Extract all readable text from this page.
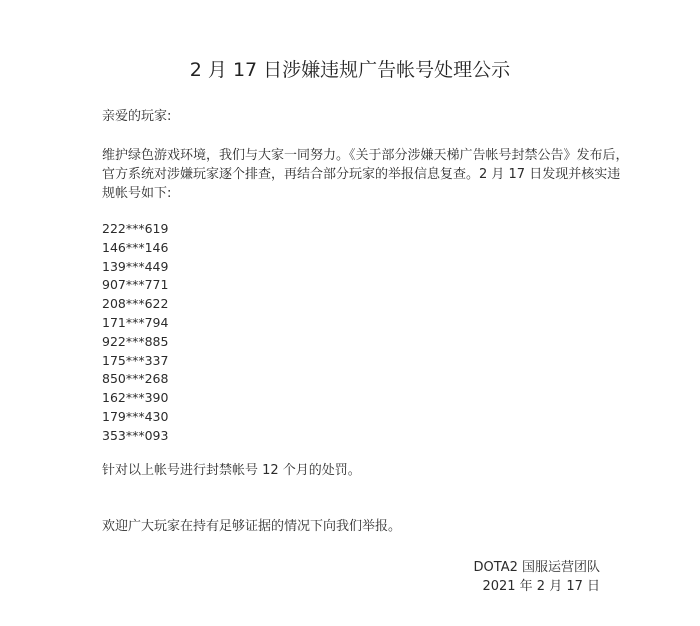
2 月 17 日涉嫌违规广告帐号处理公示
亲爱的玩家:
维护绿色游戏环境，我们与大家一同努力。《关于部分涉嫌天梯广告帐号封禁公告》发布后，
官方系统对涉嫌玩家逐个排查，再结合部分玩家的举报信息复查。2 月 17 日发现并核实违
规帐号如下:
222***619
146***146
139***449
907***771
208***622
171***794
922***885
175***337
850***268
162***390
179***430
353***093
针对以上帐号进行封禁帐号 12 个月的处罚。
欢迎广大玩家在持有足够证据的情况下向我们举报。
DOTA2 国服运营团队
2021 年 2 月 17 日
